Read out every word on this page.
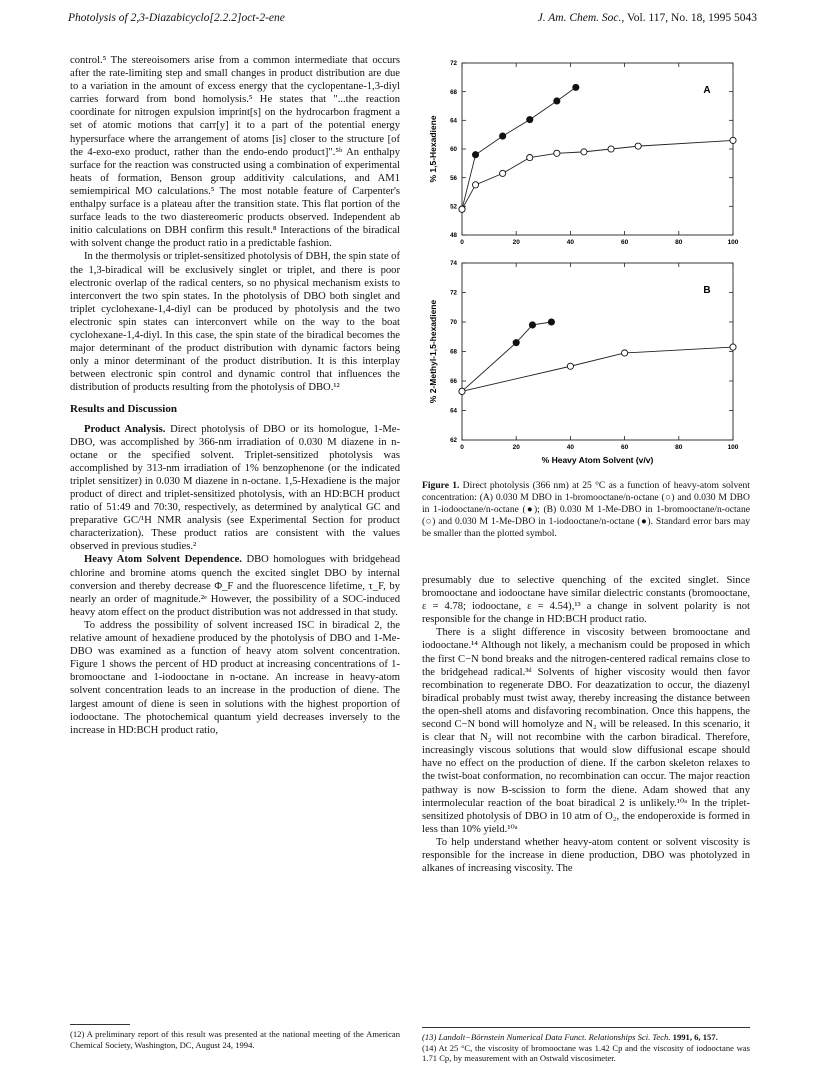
Photolysis of 2,3-Diazabicyclo[2.2.2]oct-2-ene	J. Am. Chem. Soc., Vol. 117, No. 18, 1995 5043

control.⁵ The stereoisomers arise from a common intermediate that occurs after the rate-limiting step and small changes in product distribution are due to a variation in the amount of excess energy that the cyclopentane-1,3-diyl carries forward from bond homolysis.⁵ He states that "...the reaction coordinate for nitrogen expulsion imprint[s] on the hydrocarbon fragment a set of atomic motions that carr[y] it to a part of the potential energy hypersurface where the arrangement of atoms [is] closer to the structure [of the 4-exo-exo product, rather than the endo-endo product]".⁵ᵇ An enthalpy surface for the reaction was constructed using a combination of experimental heats of formation, Benson group additivity calculations, and AM1 semiempirical MO calculations.⁵ The most notable feature of Carpenter's enthalpy surface is a plateau after the transition state. This flat portion of the surface leads to the two diastereomeric products observed. Independent ab initio calculations on DBH confirm this result.⁸ Interactions of the biradical with solvent change the product ratio in a predictable fashion.

In the thermolysis or triplet-sensitized photolysis of DBH, the spin state of the 1,3-biradical will be exclusively singlet or triplet, and there is poor electronic overlap of the radical centers, so no physical mechanism exists to interconvert the two spin states. In the photolysis of DBO both singlet and triplet cyclohexane-1,4-diyl can be produced by photolysis and the two electronic spin states can interconvert while on the way to the boat cyclohexane-1,4-diyl. In this case, the spin state of the biradical becomes the major determinant of the product distribution with dynamic factors being only a minor determinant of the product distribution. It is this interplay between electronic spin control and dynamic control that influences the distribution of products resulting from the photolysis of DBO.¹²

Results and Discussion

Product Analysis. Direct photolysis of DBO or its homologue, 1-Me-DBO, was accomplished by 366-nm irradiation of 0.030 M diazene in n-octane or the specified solvent. Triplet-sensitized photolysis was accomplished by 313-nm irradiation of 1% benzophenone (or the indicated triplet sensitizer) in 0.030 M diazene in n-octane. 1,5-Hexadiene is the major product of direct and triplet-sensitized photolysis, with an HD:BCH product ratio of 51:49 and 70:30, respectively, as determined by analytical GC and preparative GC/¹H NMR analysis (see Experimental Section for product characterization). These product ratios are consistent with the values observed in previous studies.²

Heavy Atom Solvent Dependence. DBO homologues with bridgehead chlorine and bromine atoms quench the excited singlet DBO by internal conversion and thereby decrease Φ_F and the fluorescence lifetime, τ_F, by nearly an order of magnitude.²ᵉ However, the possibility of a SOC-induced heavy atom effect on the product distribution was not addressed in that study.

To address the possibility of solvent increased ISC in biradical 2, the relative amount of hexadiene produced by the photolysis of DBO and 1-Me-DBO was examined as a function of heavy atom solvent concentration. Figure 1 shows the percent of HD product at increasing concentrations of 1-bromooctane and 1-iodooctane in n-octane. An increase in heavy-atom solvent concentration leads to an increase in the production of diene. The largest amount of diene is seen in solutions with the highest proportion of iodooctane. The photochemical quantum yield decreases inversely to the increase in HD:BCH product ratio,

0	20	40	60	80	100
48
52
56
60
64
68
72
% 1,5-Hexadiene
A
0	20	40	60	80	100
62
64
66
68
70
72
74
% 2-Methyl-1,5-hexadiene
% Heavy Atom Solvent (v/v)
B
Figure 1. Direct photolysis (366 nm) at 25 °C as a function of heavy-atom solvent concentration: (A) 0.030 M DBO in 1-bromooctane/n-octane (○) and 0.030 M DBO in 1-iodooctane/n-octane (●); (B) 0.030 M 1-Me-DBO in 1-bromooctane/n-octane (○) and 0.030 M 1-Me-DBO in 1-iodooctane/n-octane (●). Standard error bars may be smaller than the plotted symbol.

presumably due to selective quenching of the excited singlet. Since bromooctane and iodooctane have similar dielectric constants (bromooctane, ε = 4.78; iodooctane, ε = 4.54),¹³ a change in solvent polarity is not responsible for the change in HD:BCH product ratio.

There is a slight difference in viscosity between bromooctane and iodooctane.¹⁴ Although not likely, a mechanism could be proposed in which the first C−N bond breaks and the nitrogen-centered radical remains close to the bridgehead radical.³ᵈ Solvents of higher viscosity would then favor recombination to regenerate DBO. For deazatization to occur, the diazenyl biradical probably must twist away, thereby increasing the distance between the open-shell atoms and disfavoring recombination. Once this happens, the second C−N bond will homolyze and N₂ will be released. In this scenario, it is clear that N₂ will not recombine with the carbon biradical. Therefore, increasingly viscous solutions that would slow diffusional escape should have no effect on the production of diene. If the carbon skeleton relaxes to the twist-boat conformation, no recombination can occur. The major reaction pathway is now B-scission to form the diene. Adam showed that any intermolecular reaction of the boat biradical 2 is unlikely.¹⁰ᵃ In the triplet-sensitized photolysis of DBO in 10 atm of O₂, the endoperoxide is formed in less than 10% yield.¹⁰ᵃ

To help understand whether heavy-atom content or solvent viscosity is responsible for the increase in diene production, DBO was photolyzed in alkanes of increasing viscosity. The

(12) A preliminary report of this result was presented at the national meeting of the American Chemical Society, Washington, DC, August 24, 1994.
(13) Landolt−Börnstein Numerical Data Funct. Relationships Sci. Tech. 1991, 6, 157.
(14) At 25 °C, the viscosity of bromooctane was 1.42 Cp and the viscosity of iodooctane was 1.71 Cp, by measurement with an Ostwald viscosimeter.
